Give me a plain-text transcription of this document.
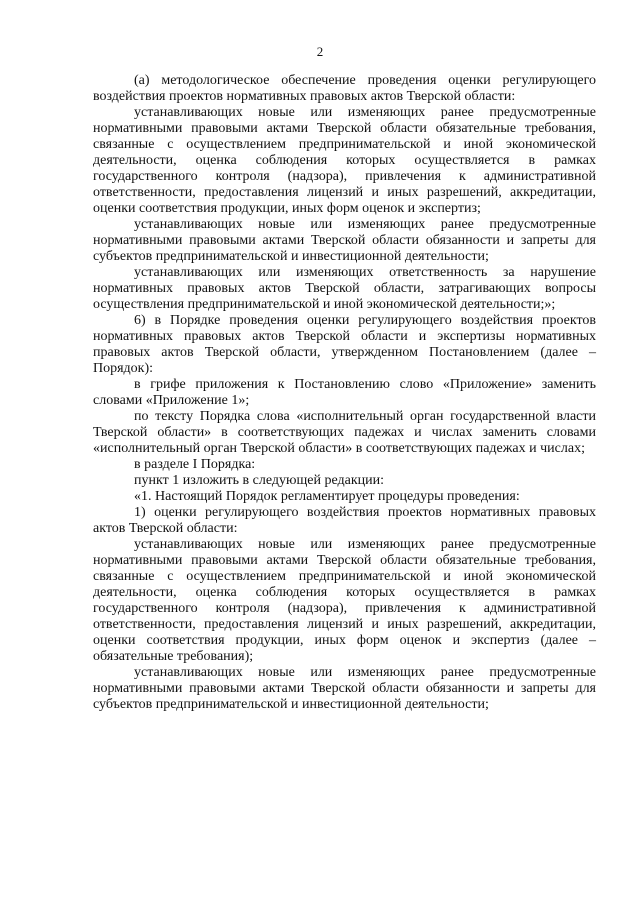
2

(а) методологическое обеспечение проведения оценки регулирующего воздействия проектов нормативных правовых актов Тверской области:

устанавливающих новые или изменяющих ранее предусмотренные нормативными правовыми актами Тверской области обязательные требования, связанные с осуществлением предпринимательской и иной экономической деятельности, оценка соблюдения которых осуществляется в рамках государственного контроля (надзора), привлечения к административной ответственности, предоставления лицензий и иных разрешений, аккредитации, оценки соответствия продукции, иных форм оценок и экспертиз;

устанавливающих новые или изменяющих ранее предусмотренные нормативными правовыми актами Тверской области обязанности и запреты для субъектов предпринимательской и инвестиционной деятельности;

устанавливающих или изменяющих ответственность за нарушение нормативных правовых актов Тверской области, затрагивающих вопросы осуществления предпринимательской и иной экономической деятельности;»;

6) в Порядке проведения оценки регулирующего воздействия проектов нормативных правовых актов Тверской области и экспертизы нормативных правовых актов Тверской области, утвержденном Постановлением (далее – Порядок):

в грифе приложения к Постановлению слово «Приложение» заменить словами «Приложение 1»;

по тексту Порядка слова «исполнительный орган государственной власти Тверской области» в соответствующих падежах и числах заменить словами «исполнительный орган Тверской области» в соответствующих падежах и числах;

в разделе I Порядка:

пункт 1 изложить в следующей редакции:

«1. Настоящий Порядок регламентирует процедуры проведения:

1) оценки регулирующего воздействия проектов нормативных правовых актов Тверской области:

устанавливающих новые или изменяющих ранее предусмотренные нормативными правовыми актами Тверской области обязательные требования, связанные с осуществлением предпринимательской и иной экономической деятельности, оценка соблюдения которых осуществляется в рамках государственного контроля (надзора), привлечения к административной ответственности, предоставления лицензий и иных разрешений, аккредитации, оценки соответствия продукции, иных форм оценок и экспертиз (далее – обязательные требования);

устанавливающих новые или изменяющих ранее предусмотренные нормативными правовыми актами Тверской области обязанности и запреты для субъектов предпринимательской и инвестиционной деятельности;
